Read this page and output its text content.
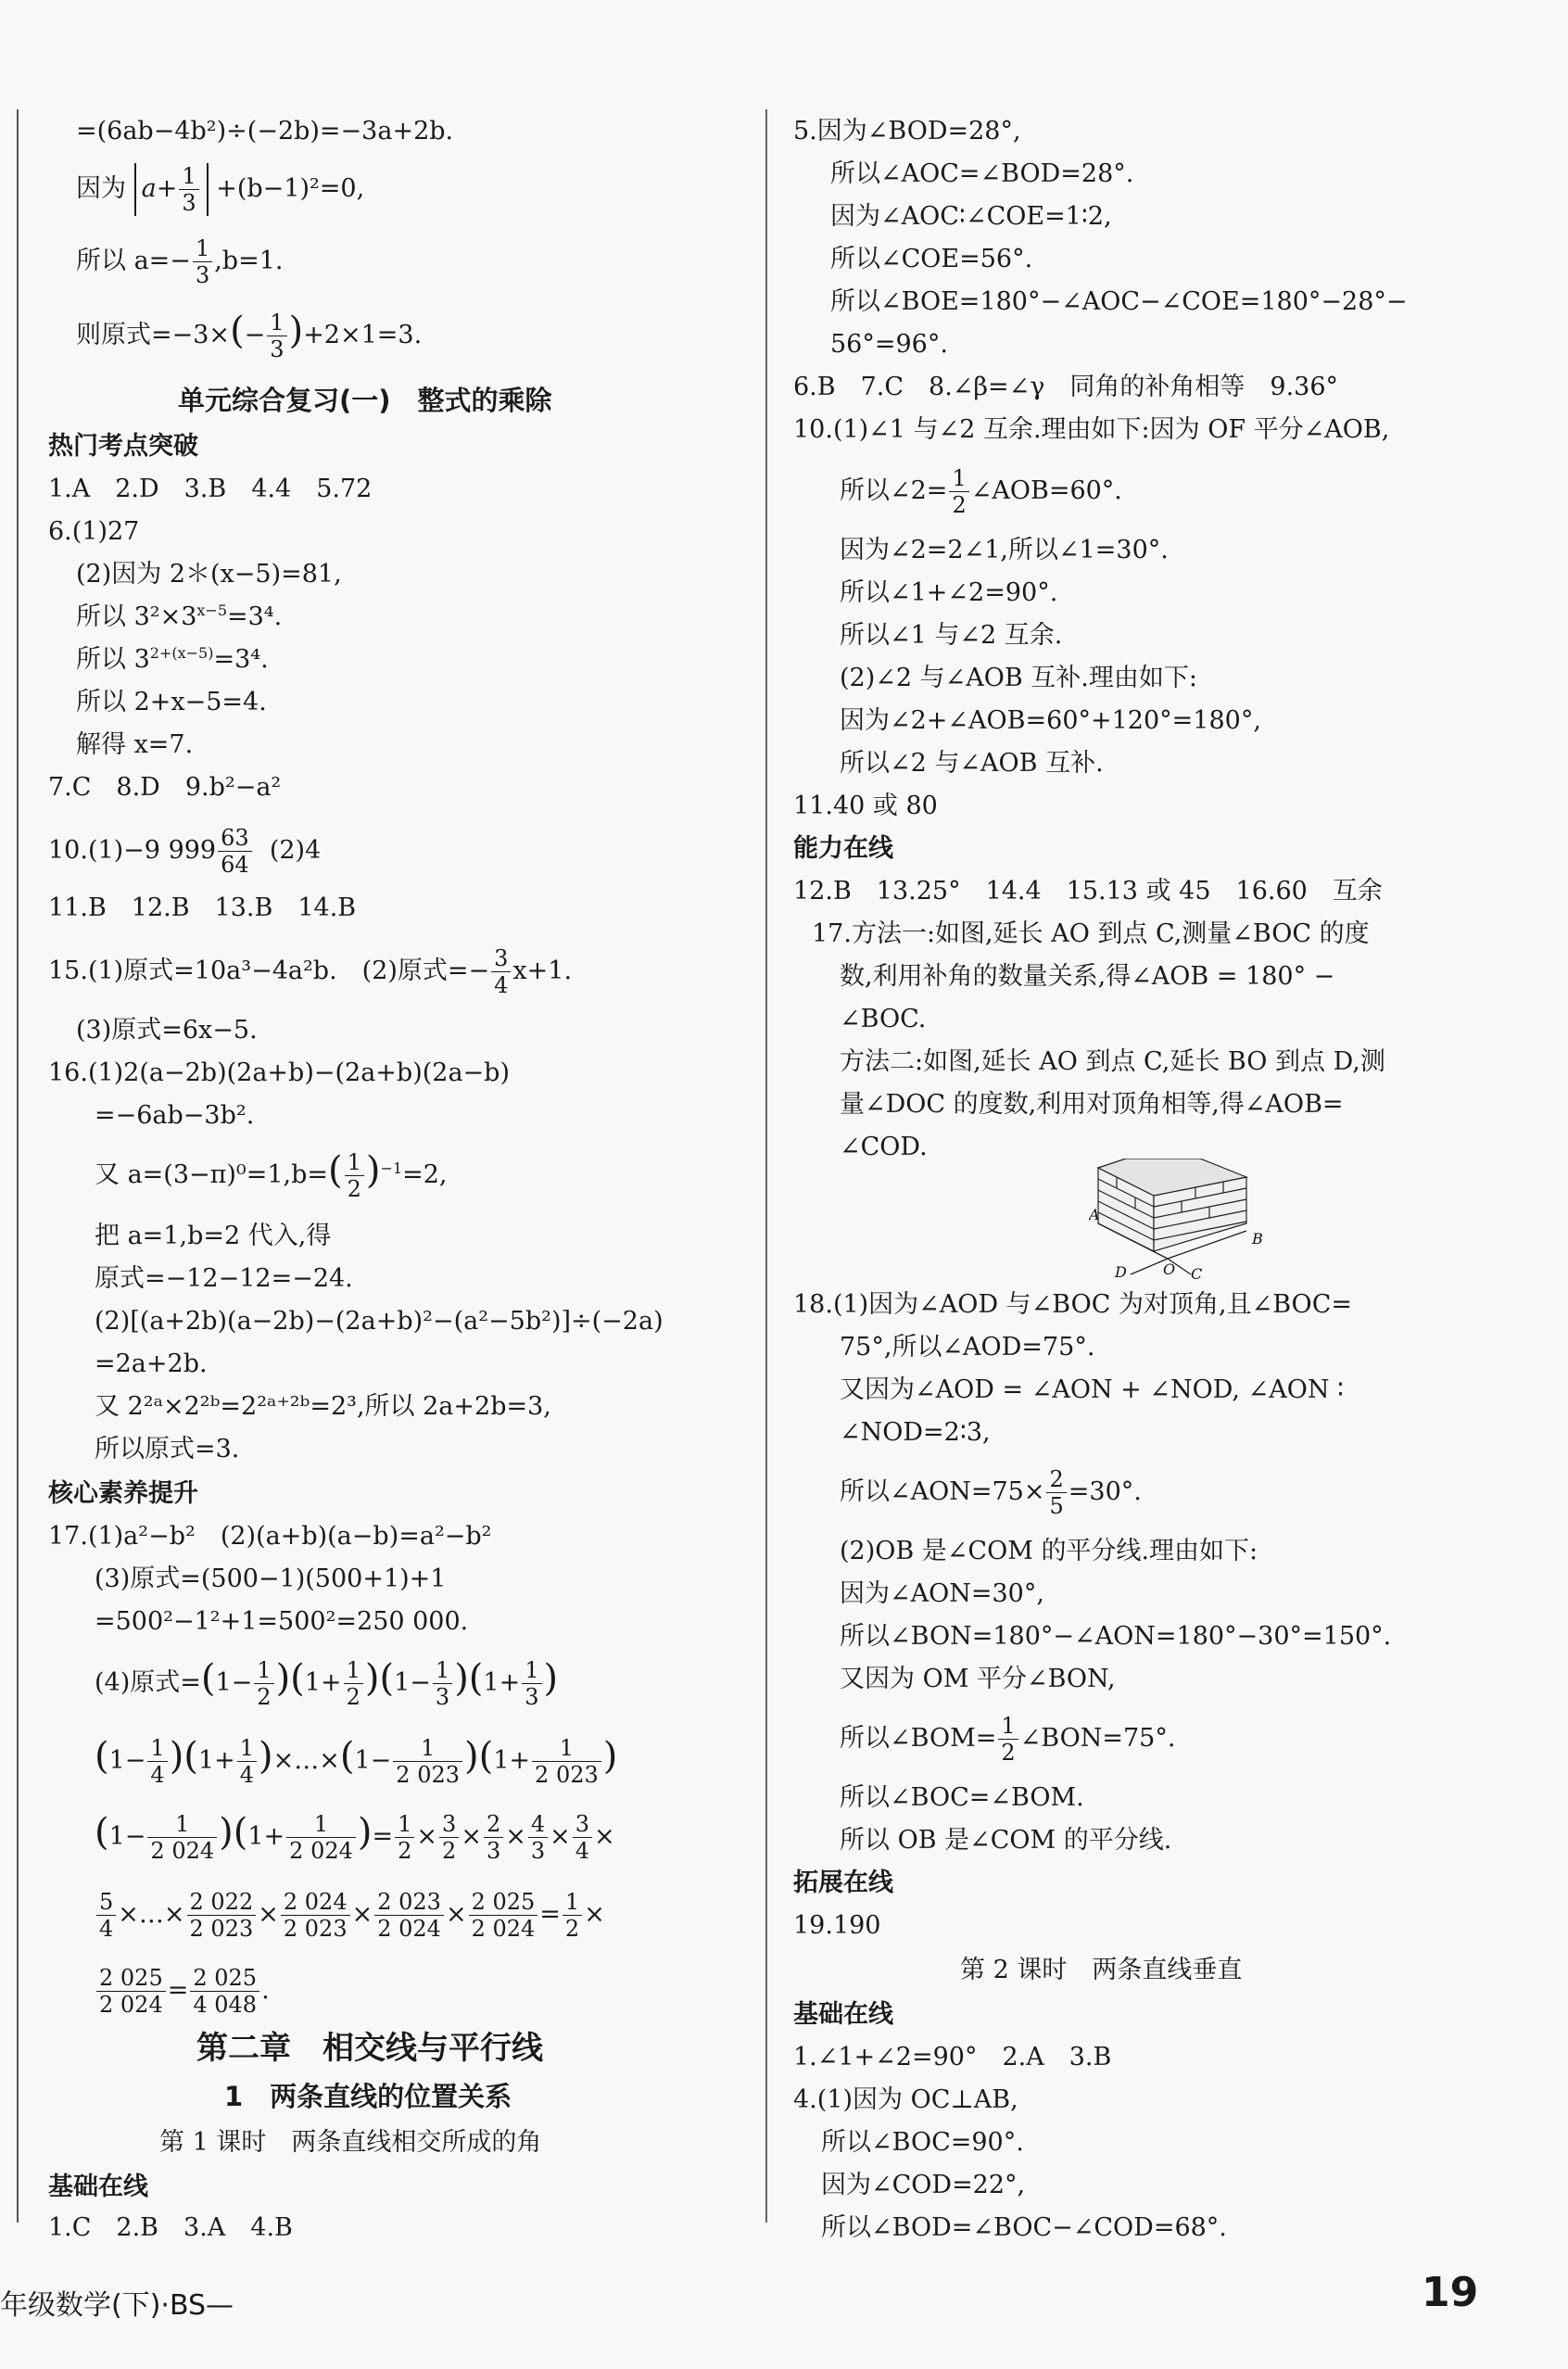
=(6ab−4b²)÷(−2b)=−3a+2b.
因为 $a+ \frac{1}{3} +(b-1)^2=0$,
所以 $a=- \frac{1}{3} ,b=1$.
则原式$=-3\times(- \frac{1}{3} )+2\times 1=3$.
单元综合复习(一)　整式的乘除
热门考点突破
1.A　2.D　3.B　4.4　5.72
6.(1)27
(2)因为 2＊(x−5)=81,
所以 $3^2\times 3^{x-5}=3^4$.
所以 $3^{2+(x-5)}=3^4$.
所以 2+x−5=4.
解得 x=7.
7.C　8.D　9.b²−a²
10.(1)−9 $999 \frac{63}{64} (2)4$
11.B　12.B　13.B　14.B
15.(1)原式=10a³−4a²b.　(2)原式=− $\frac{3}{4} x+1$.
(3)原式=6x−5.
16.(1)2(a−2b)(2a+b)−(2a+b)(2a−b)
=−6ab−3b².
又 $a=(3-\pi)^0=1,b=( \frac{1}{2} )^{-1}=2$,
把 a=1,b=2 代入,得
原式=−12−12=−24.
(2)[(a+2b)(a−2b)−(2a+b)²−(a²−5b²)]÷(−2a)
=2a+2b.
又 2²ᵃ×2²ᵇ=2²ᵃ⁺²ᵇ=2³,所以 2a+2b=3,
所以原式=3.
核心素养提升
17.(1)a²−b²　(2)(a+b)(a−b)=a²−b²
(3)原式=(500−1)(500+1)+1
=500²−1²+1=500²=250 000.
(4)原式$=(1- \frac{1}{2} )(1+ \frac{1}{2} )(1- \frac{1}{3} )(1+ \frac{1}{3}$ )
$(1- \frac{1}{4} )(1+ \frac{1}{4}$ )×…×(1− $\frac{1}{2 023} )(1+ \frac{1}{2 023}$ )
$(1- \frac{1}{2 024} )(1+ \frac{1}{2 024}$ )= $\frac{1}{2} \times \frac{3}{2} \times \frac{2}{3} \times \frac{4}{3} \times \frac{3}{4}$ ×
$\frac{5}{4}$ ×…× $\frac{2 022}{2 023} \times \frac{2 024}{2 023} \times \frac{2 023}{2 024} \times \frac{2 025}{2 024} = \frac{1}{2}$ ×
$\frac{2 025}{2 024} = \frac{2 025}{4 048}$ .
第二章　相交线与平行线
1　两条直线的位置关系
第 1 课时　两条直线相交所成的角
基础在线
1.C　2.B　3.A　4.B
5.因为∠BOD=28°,
所以∠AOC=∠BOD=28°.
因为∠AOC∶∠COE=1∶2,
所以∠COE=56°.
所以∠BOE=180°−∠AOC−∠COE=180°−28°−
56°=96°.
6.B　7.C　8.∠β=∠γ　同角的补角相等　9.36°
10.(1)∠1 与∠2 互余.理由如下:因为 OF 平分∠AOB,
所以∠2= $\frac{1}{2}$ ∠AOB=60°.
因为∠2=2∠1,所以∠1=30°.
所以∠1+∠2=90°.
所以∠1 与∠2 互余.
(2)∠2 与∠AOB 互补.理由如下:
因为∠2+∠AOB=60°+120°=180°,
所以∠2 与∠AOB 互补.
11.40 或 80
能力在线
12.B　13.25°　14.4　15.13 或 45　16.60　互余
17.方法一:如图,延长 AO 到点 C,测量∠BOC 的度
数,利用补角的数量关系,得∠AOB = 180° −
∠BOC.
方法二:如图,延长 AO 到点 C,延长 BO 到点 D,测
量∠DOC 的度数,利用对顶角相等,得∠AOB=
∠COD.
18.(1)因为∠AOD 与∠BOC 为对顶角,且∠BOC=
75°,所以∠AOD=75°.
又因为∠AOD = ∠AON + ∠NOD, ∠AON ∶
∠NOD=2∶3,
所以∠AON=75× $\frac{2}{5} =30^\circ$.
(2)OB 是∠COM 的平分线.理由如下:
因为∠AON=30°,
所以∠BON=180°−∠AON=180°−30°=150°.
又因为 OM 平分∠BON,
所以∠BOM= $\frac{1}{2}$ ∠BON=75°.
所以∠BOC=∠BOM.
所以 OB 是∠COM 的平分线.
拓展在线
19.190
第 2 课时　两条直线垂直
基础在线
1.∠1+∠2=90°　2.A　3.B
4.(1)因为 OC⊥AB,
所以∠BOC=90°.
因为∠COD=22°,
所以∠BOD=∠BOC−∠COD=68°.
A
B
C
D O
年级数学(下)·BS—	19
